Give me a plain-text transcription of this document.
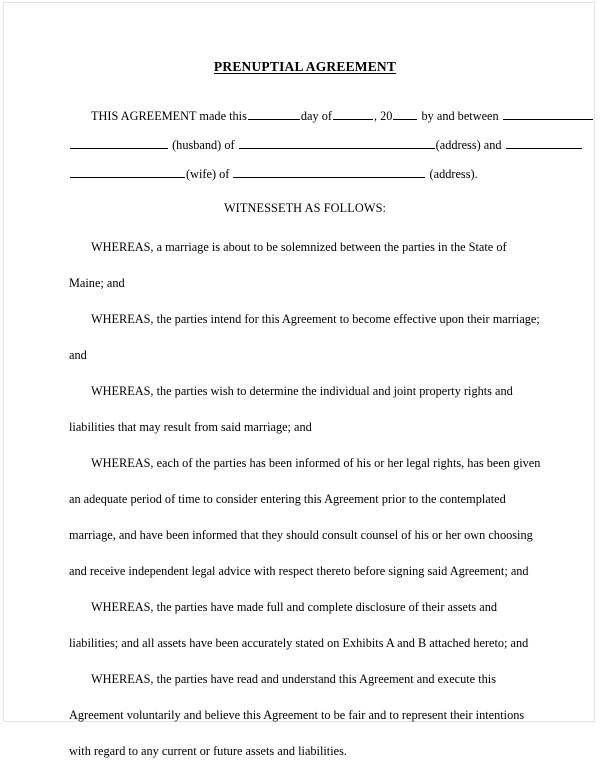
PRENUPTIAL AGREEMENT
THIS AGREEMENT made this	day of	, 20 by and between
(husband) of	(address) and
(wife) of	(address).
WITNESSETH AS FOLLOWS:

WHEREAS, a marriage is about to be solemnized between the parties in the State of Maine; and

WHEREAS, the parties intend for this Agreement to become effective upon their marriage; and

WHEREAS, the parties wish to determine the individual and joint property rights and liabilities that may result from said marriage; and

WHEREAS, each of the parties has been informed of his or her legal rights, has been given an adequate period of time to consider entering this Agreement prior to the contemplated marriage, and have been informed that they should consult counsel of his or her own choosing and receive independent legal advice with respect thereto before signing said Agreement; and

WHEREAS, the parties have made full and complete disclosure of their assets and liabilities; and all assets have been accurately stated on Exhibits A and B attached hereto; and

WHEREAS, the parties have read and understand this Agreement and execute this Agreement voluntarily and believe this Agreement to be fair and to represent their intentions with regard to any current or future assets and liabilities.
